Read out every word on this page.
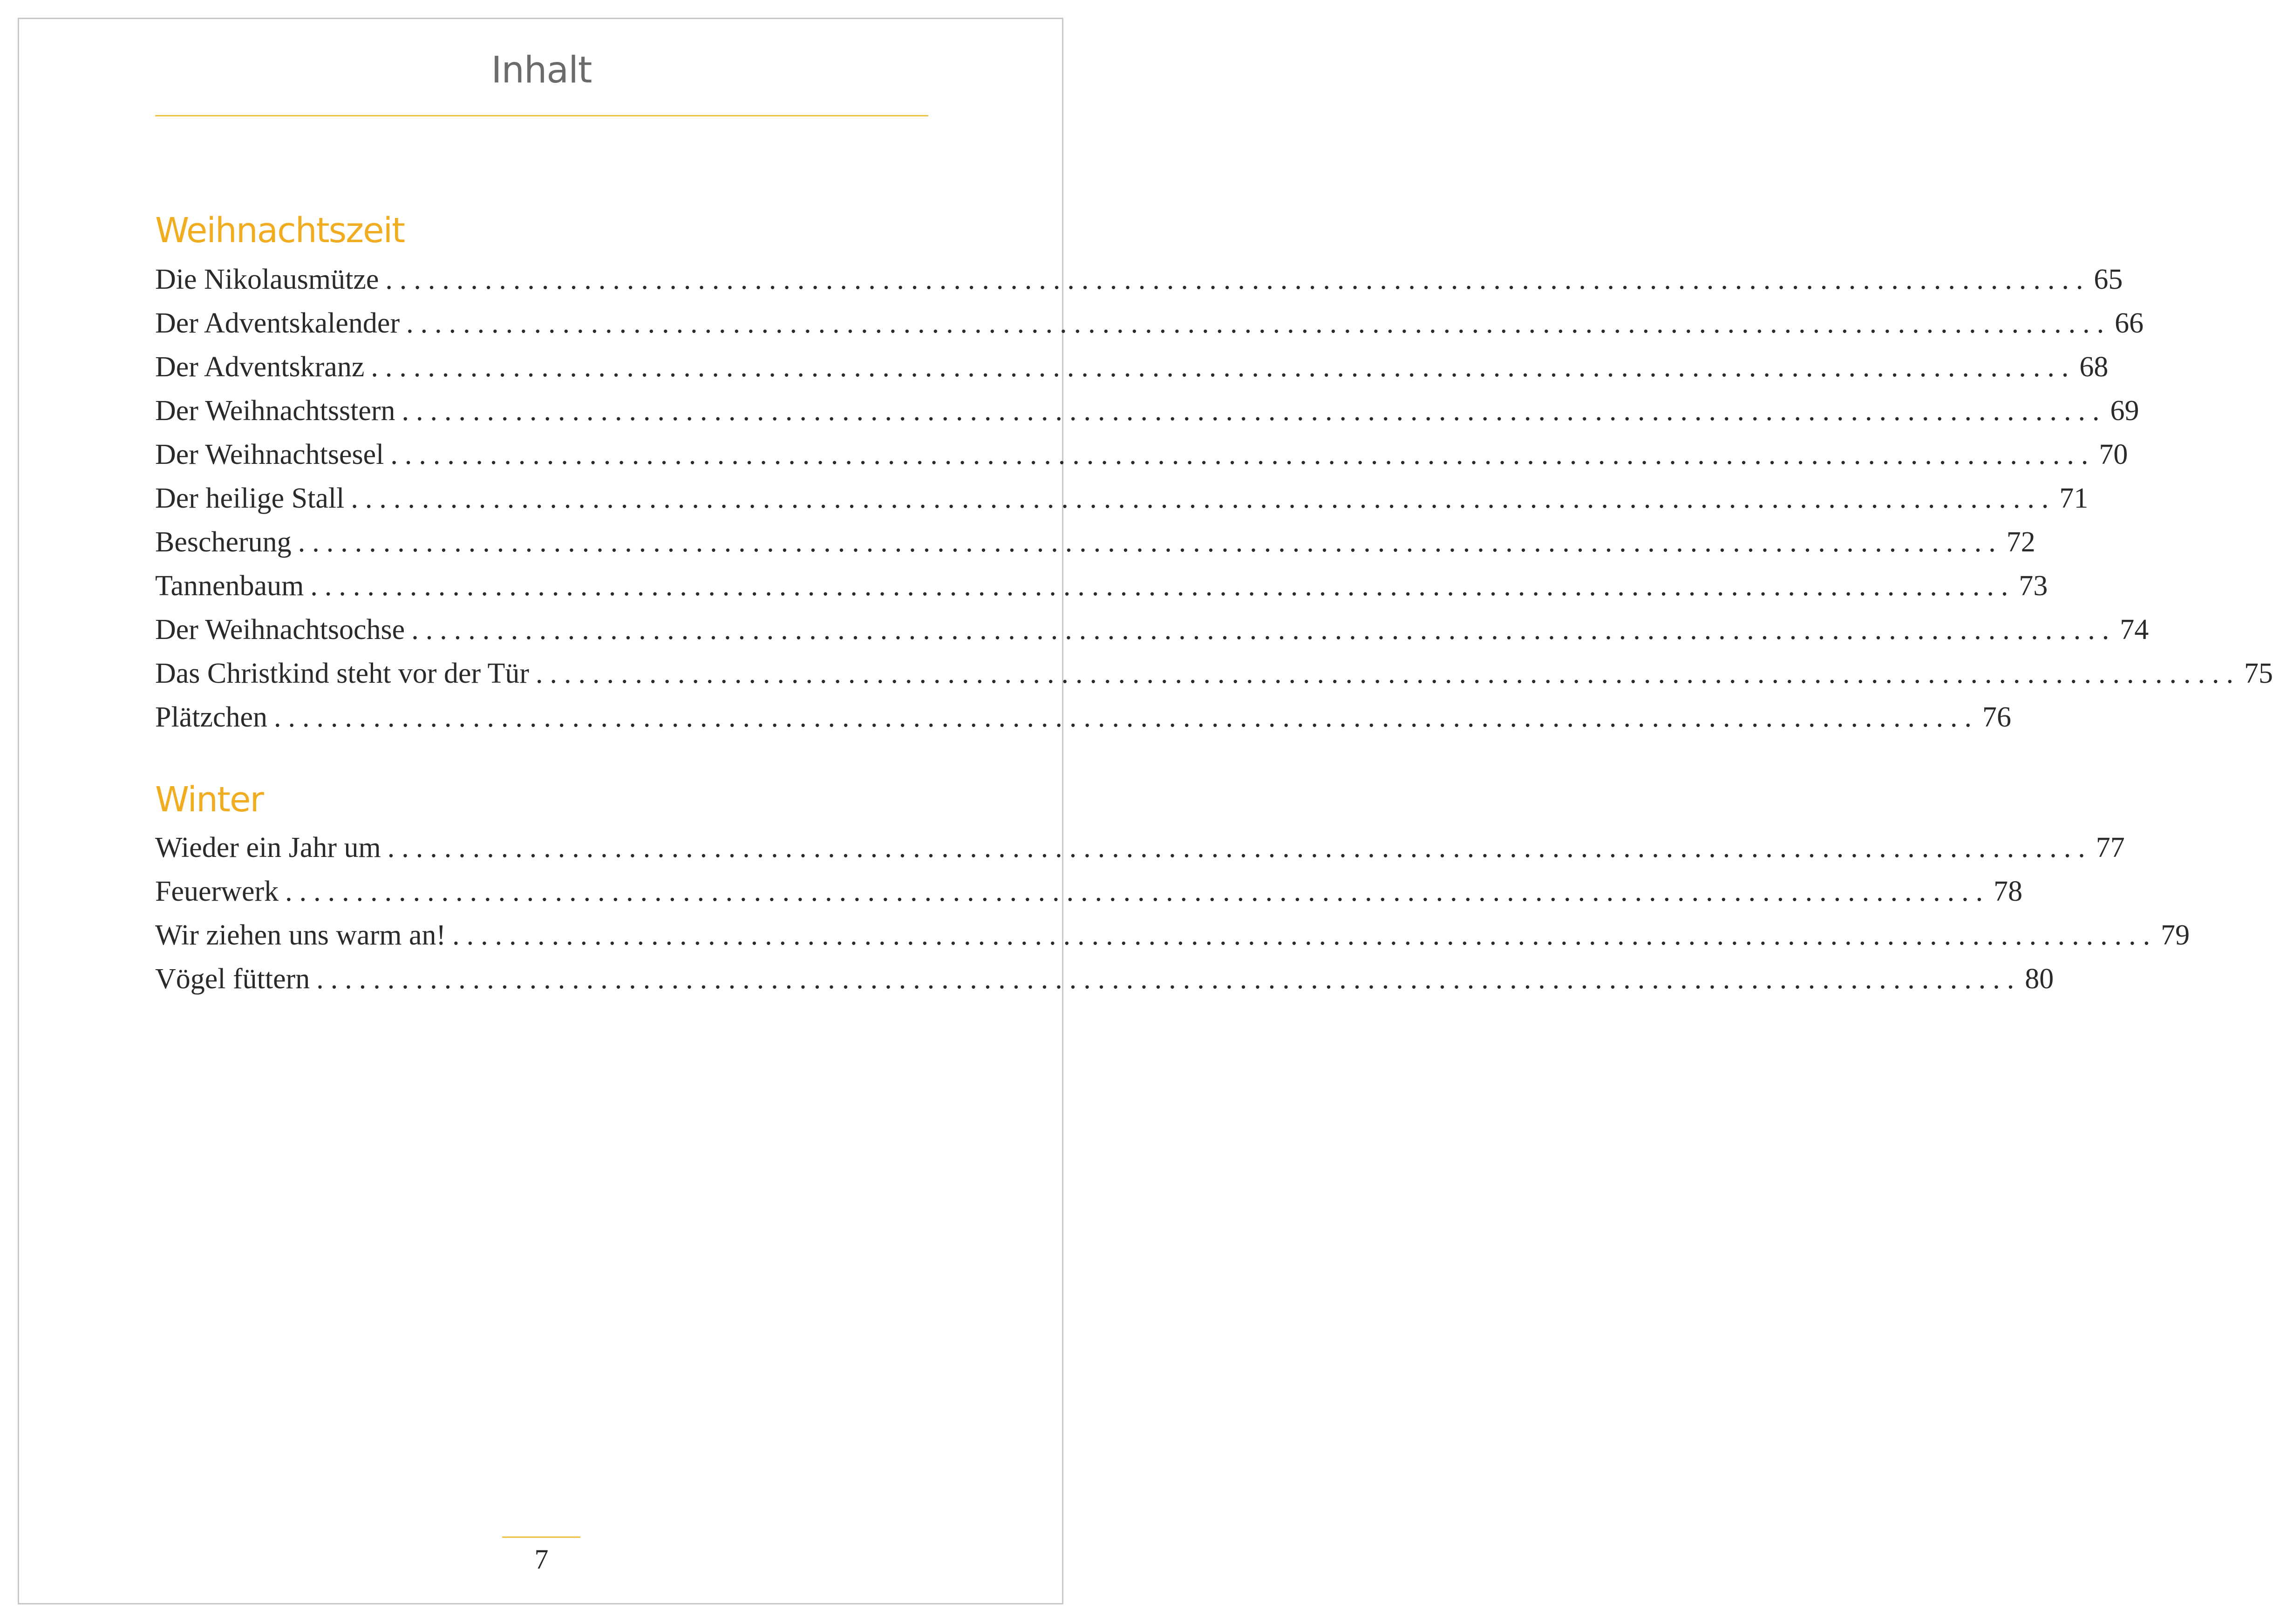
Inhalt
Weihnachtszeit
Die Nikolausmütze ........................................................................................................................ 65
Der Adventskalender ........................................................................................................................ 66
Der Adventskranz ........................................................................................................................ 68
Der Weihnachtsstern ........................................................................................................................ 69
Der Weihnachtsesel ........................................................................................................................ 70
Der heilige Stall ........................................................................................................................ 71
Bescherung ........................................................................................................................ 72
Tannenbaum ........................................................................................................................ 73
Der Weihnachtsochse ........................................................................................................................ 74
Das Christkind steht vor der Tür ........................................................................................................................ 75
Plätzchen ........................................................................................................................ 76
Winter
Wieder ein Jahr um ........................................................................................................................ 77
Feuerwerk ........................................................................................................................ 78
Wir ziehen uns warm an! ........................................................................................................................ 79
Vögel füttern ........................................................................................................................ 80
7
